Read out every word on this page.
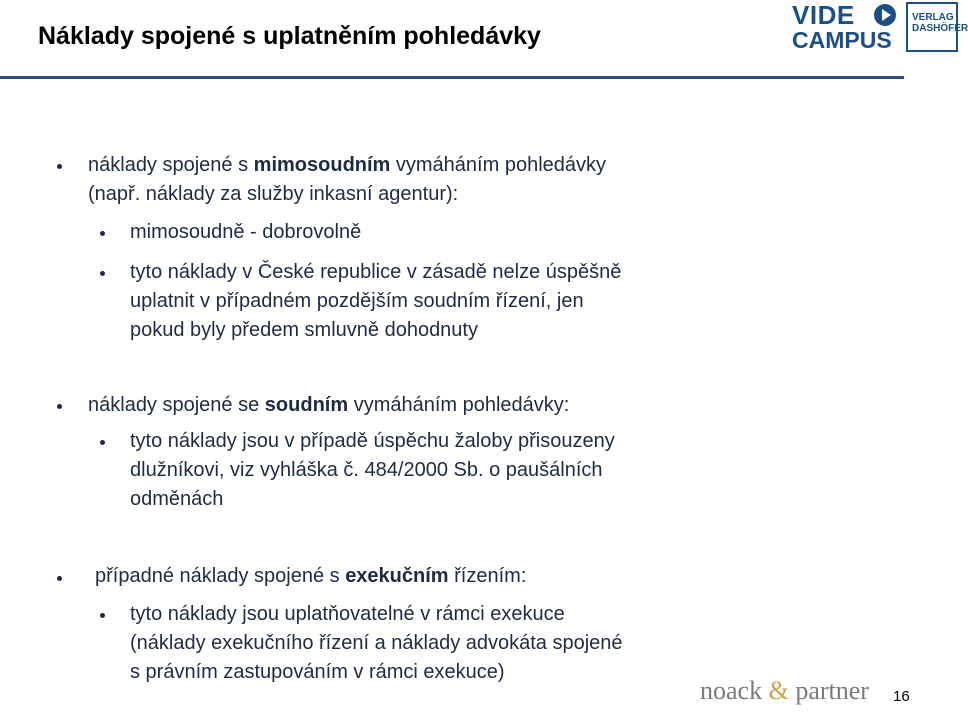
Náklady spojené s uplatněním pohledávky
VIDE
CAMPUS
VERLAG
DASHÖFER
náklady spojené s mimosoudním vymáháním pohledávky
(např. náklady za služby inkasní agentur):
mimosoudně - dobrovolně
tyto náklady v České republice v zásadě nelze úspěšně
uplatnit v případném pozdějším soudním řízení, jen
pokud byly předem smluvně dohodnuty
náklady spojené se soudním vymáháním pohledávky:
tyto náklady jsou v případě úspěchu žaloby přisouzeny
dlužníkovi, viz vyhláška č. 484/2000 Sb. o paušálních
odměnách
případné náklady spojené s exekučním řízením:
tyto náklady jsou uplatňovatelné v rámci exekuce
(náklady exekučního řízení a náklady advokáta spojené
s právním zastupováním v rámci exekuce)
noack & partner 16
